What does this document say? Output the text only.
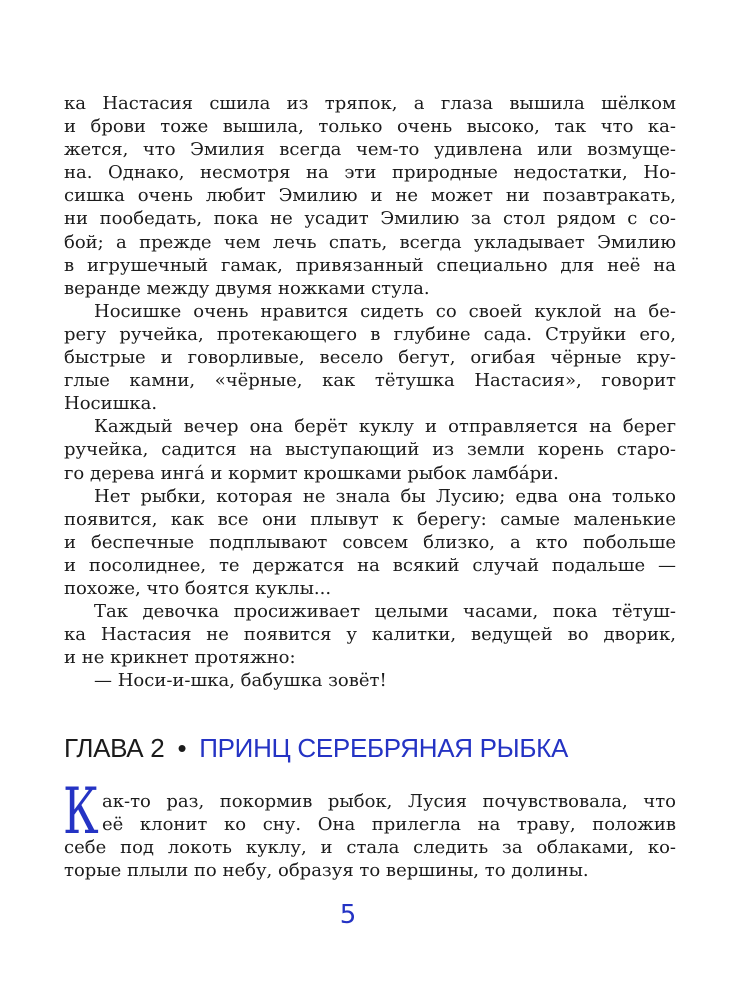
ка Настасия сшила из тряпок, а глаза вышила шёлком
и брови тоже вышила, только очень высоко, так что ка-
жется, что Эмилия всегда чем-то удивлена или возмуще-
на. Однако, несмотря на эти природные недостатки, Но-
сишка очень любит Эмилию и не может ни позавтракать,
ни пообедать, пока не усадит Эмилию за стол рядом с со-
бой; а прежде чем лечь спать, всегда укладывает Эмилию
в игрушечный гамак, привязанный специально для неё на
веранде между двумя ножками стула.
Носишке очень нравится сидеть со своей куклой на бе-
регу ручейка, протекающего в глубине сада. Струйки его,
быстрые и говорливые, весело бегут, огибая чёрные кру-
глые камни, «чёрные, как тётушка Настасия», говорит
Носишка.
Каждый вечер она берёт куклу и отправляется на берег
ручейка, садится на выступающий из земли корень старо-
го дерева инга́ и кормит крошками рыбок ламба́ри.
Нет рыбки, которая не знала бы Лусию; едва она только
появится, как все они плывут к берегу: самые маленькие
и беспечные подплывают совсем близко, а кто побольше
и посолиднее, те держатся на всякий случай подальше —
похоже, что боятся куклы...
Так девочка просиживает целыми часами, пока тётуш-
ка Настасия не появится у калитки, ведущей во дворик,
и не крикнет протяжно:
— Носи-и-шка, бабушка зовёт!
ГЛАВА 2 • ПРИНЦ СЕРЕБРЯНАЯ РЫБКА
К ак-то раз, покормив рыбок, Лусия почувствовала, что
её клонит ко сну. Она прилегла на траву, положив
себе под локоть куклу, и стала следить за облаками, ко-
торые плыли по небу, образуя то вершины, то долины.
5
